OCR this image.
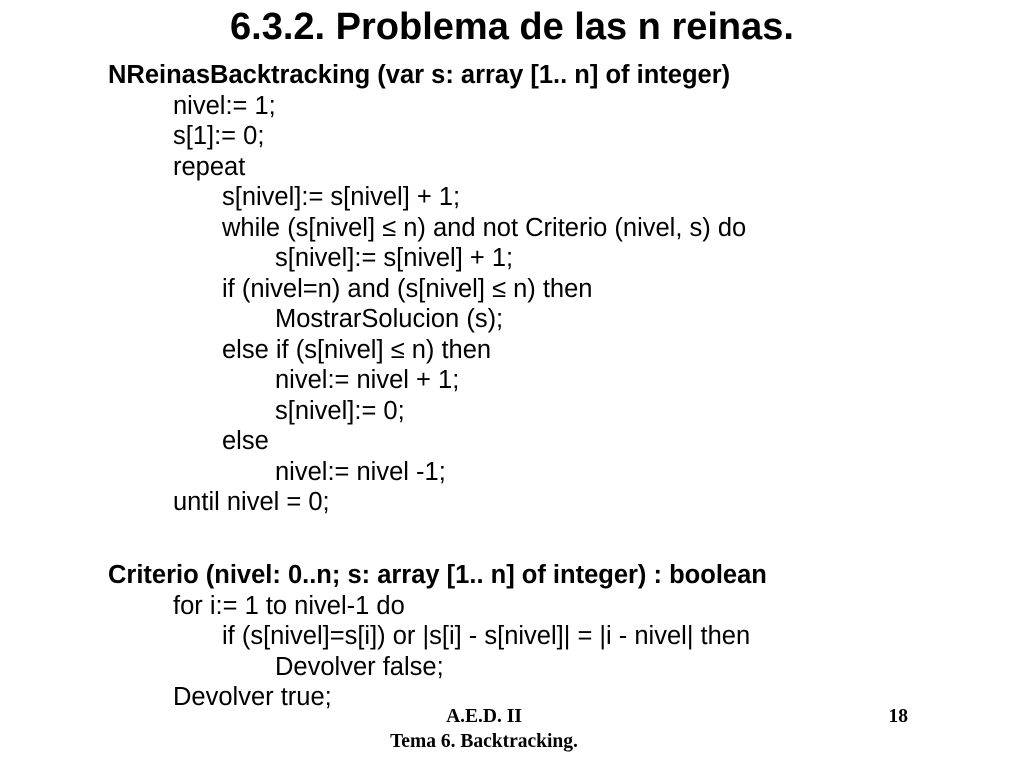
6.3.2. Problema de las n reinas.
NReinasBacktracking (var s: array [1.. n] of integer)
nivel:= 1;
s[1]:= 0;
repeat
s[nivel]:= s[nivel] + 1;
while (s[nivel] ≤ n) and not Criterio (nivel, s) do
s[nivel]:= s[nivel] + 1;
if (nivel=n) and (s[nivel] ≤ n) then
MostrarSolucion (s);
else if (s[nivel] ≤ n) then
nivel:= nivel + 1;
s[nivel]:= 0;
else
nivel:= nivel -1;
until nivel = 0;
Criterio (nivel: 0..n; s: array [1.. n] of integer) : boolean
for i:= 1 to nivel-1 do
if (s[nivel]=s[i]) or |s[i] - s[nivel]| = |i - nivel| then
Devolver false;
Devolver true;
A.E.D. II	18
Tema 6. Backtracking.
